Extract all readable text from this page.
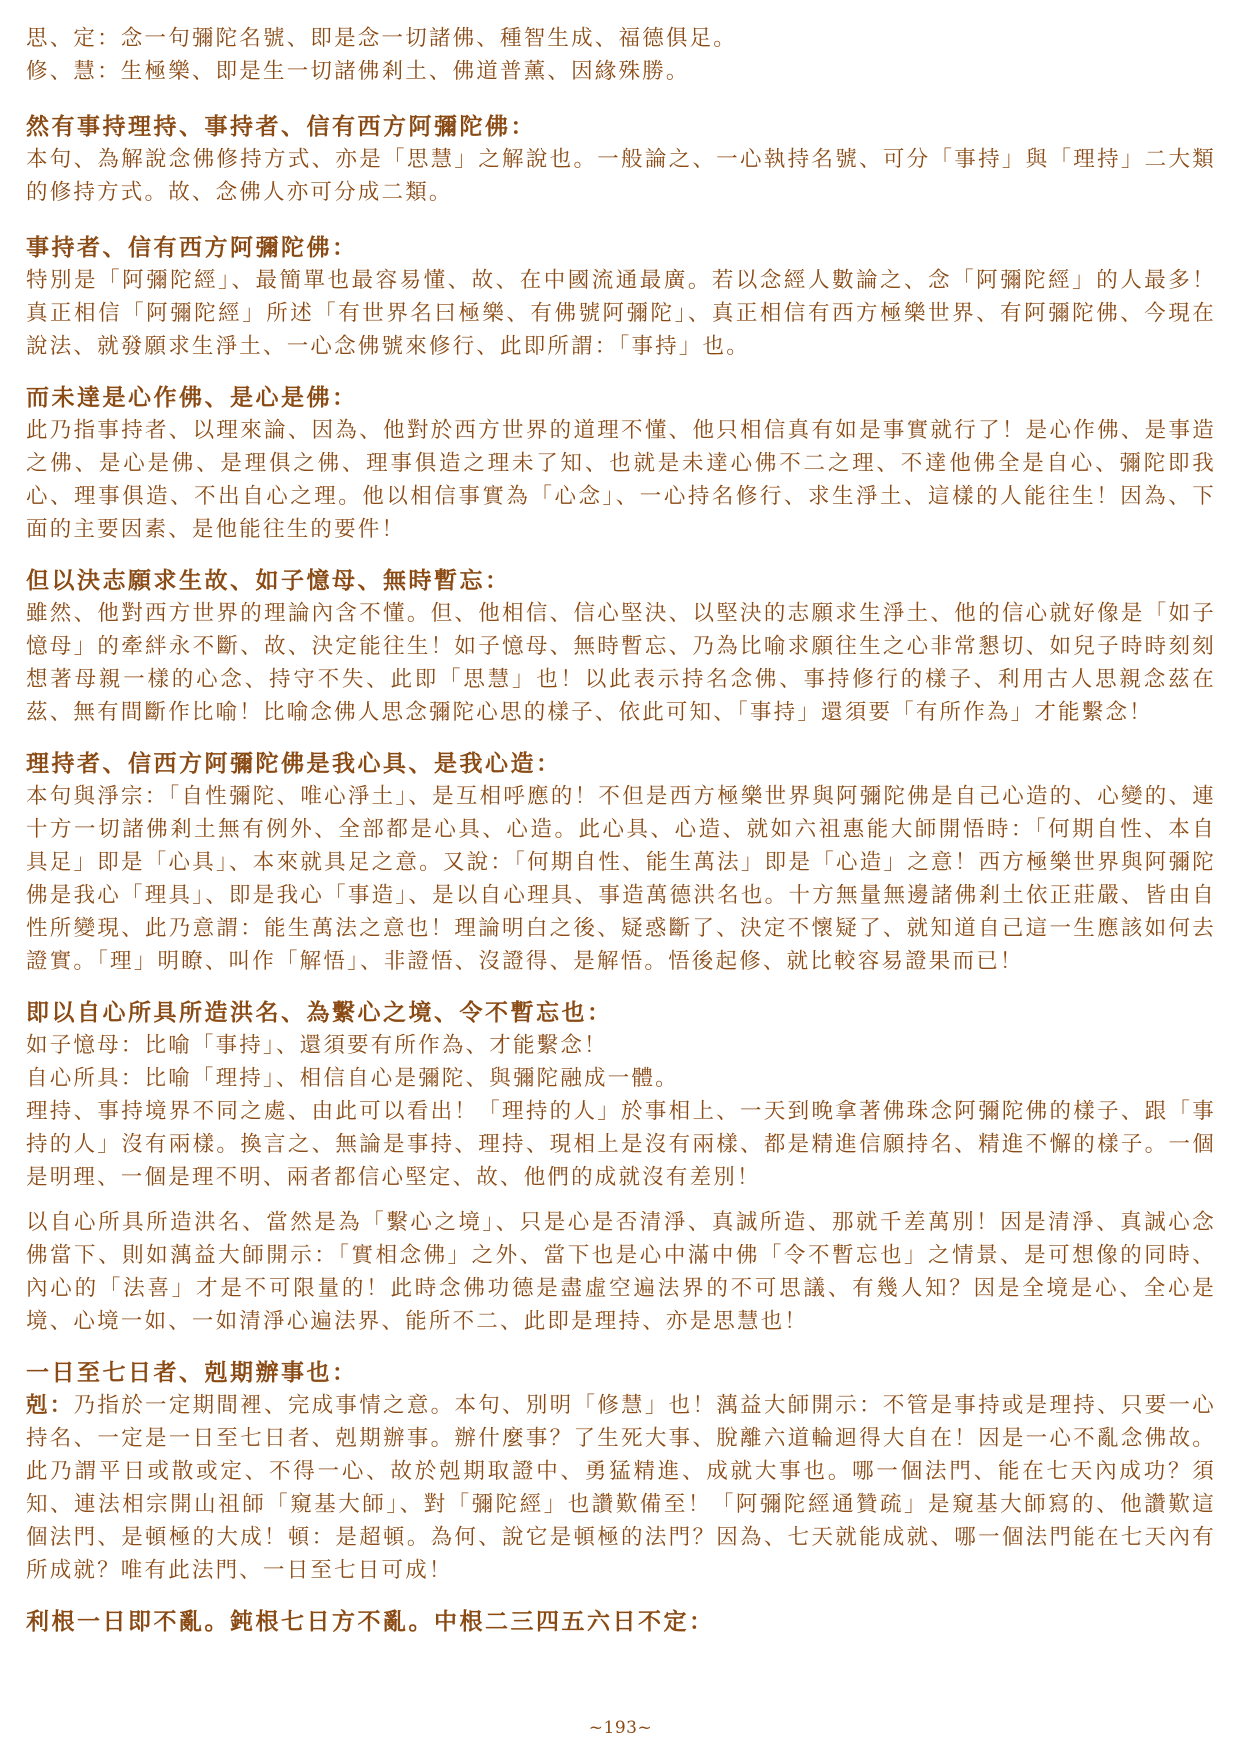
思、定：念一句彌陀名號、即是念一切諸佛、種智生成、福德俱足。

修、慧：生極樂、即是生一切諸佛剎土、佛道普薰、因緣殊勝。

然有事持理持、事持者、信有西方阿彌陀佛：

本句、為解說念佛修持方式、亦是「思慧」之解說也。一般論之、一心執持名號、可分「事持」與「理持」二大類的修持方式。故、念佛人亦可分成二類。

事持者、信有西方阿彌陀佛：

特別是「阿彌陀經」、最簡單也最容易懂、故、在中國流通最廣。若以念經人數論之、念「阿彌陀經」的人最多！真正相信「阿彌陀經」所述「有世界名曰極樂、有佛號阿彌陀」、真正相信有西方極樂世界、有阿彌陀佛、今現在說法、就發願求生淨土、一心念佛號來修行、此即所謂：「事持」也。

而未達是心作佛、是心是佛：

此乃指事持者、以理來論、因為、他對於西方世界的道理不懂、他只相信真有如是事實就行了！是心作佛、是事造之佛、是心是佛、是理俱之佛、理事俱造之理未了知、也就是未達心佛不二之理、不達他佛全是自心、彌陀即我心、理事俱造、不出自心之理。他以相信事實為「心念」、一心持名修行、求生淨土、這樣的人能往生！因為、下面的主要因素、是他能往生的要件！

但以決志願求生故、如子憶母、無時暫忘：

雖然、他對西方世界的理論內含不懂。但、他相信、信心堅決、以堅決的志願求生淨土、他的信心就好像是「如子憶母」的牽絆永不斷、故、決定能往生！如子憶母、無時暫忘、乃為比喻求願往生之心非常懇切、如兒子時時刻刻想著母親一樣的心念、持守不失、此即「思慧」也！以此表示持名念佛、事持修行的樣子、利用古人思親念茲在茲、無有間斷作比喻！比喻念佛人思念彌陀心思的樣子、依此可知、「事持」還須要「有所作為」才能繫念！

理持者、信西方阿彌陀佛是我心具、是我心造：

本句與淨宗：「自性彌陀、唯心淨土」、是互相呼應的！不但是西方極樂世界與阿彌陀佛是自己心造的、心變的、連十方一切諸佛剎土無有例外、全部都是心具、心造。此心具、心造、就如六祖惠能大師開悟時：「何期自性、本自具足」即是「心具」、本來就具足之意。又說：「何期自性、能生萬法」即是「心造」之意！西方極樂世界與阿彌陀佛是我心「理具」、即是我心「事造」、是以自心理具、事造萬德洪名也。十方無量無邊諸佛剎土依正莊嚴、皆由自性所變現、此乃意謂：能生萬法之意也！理論明白之後、疑惑斷了、決定不懷疑了、就知道自己這一生應該如何去證實。「理」明瞭、叫作「解悟」、非證悟、沒證得、是解悟。悟後起修、就比較容易證果而已！

即以自心所具所造洪名、為繫心之境、令不暫忘也：

如子憶母：比喻「事持」、還須要有所作為、才能繫念！

自心所具：比喻「理持」、相信自心是彌陀、與彌陀融成一體。

理持、事持境界不同之處、由此可以看出！「理持的人」於事相上、一天到晚拿著佛珠念阿彌陀佛的樣子、跟「事持的人」沒有兩樣。換言之、無論是事持、理持、現相上是沒有兩樣、都是精進信願持名、精進不懈的樣子。一個是明理、一個是理不明、兩者都信心堅定、故、他們的成就沒有差別！

以自心所具所造洪名、當然是為「繫心之境」、只是心是否清淨、真誠所造、那就千差萬別！因是清淨、真誠心念佛當下、則如蕅益大師開示：「實相念佛」之外、當下也是心中滿中佛「令不暫忘也」之情景、是可想像的同時、內心的「法喜」才是不可限量的！此時念佛功德是盡虛空遍法界的不可思議、有幾人知？因是全境是心、全心是境、心境一如、一如清淨心遍法界、能所不二、此即是理持、亦是思慧也！

一日至七日者、剋期辦事也：

剋：乃指於一定期間裡、完成事情之意。本句、別明「修慧」也！蕅益大師開示：不管是事持或是理持、只要一心持名、一定是一日至七日者、剋期辦事。辦什麼事？了生死大事、脫離六道輪迴得大自在！因是一心不亂念佛故。此乃謂平日或散或定、不得一心、故於剋期取證中、勇猛精進、成就大事也。哪一個法門、能在七天內成功？須知、連法相宗開山祖師「窺基大師」、對「彌陀經」也讚歎備至！「阿彌陀經通贊疏」是窺基大師寫的、他讚歎這個法門、是頓極的大成！頓：是超頓。為何、說它是頓極的法門？因為、七天就能成就、哪一個法門能在七天內有所成就？唯有此法門、一日至七日可成！

利根一日即不亂。鈍根七日方不亂。中根二三四五六日不定：
~193~
